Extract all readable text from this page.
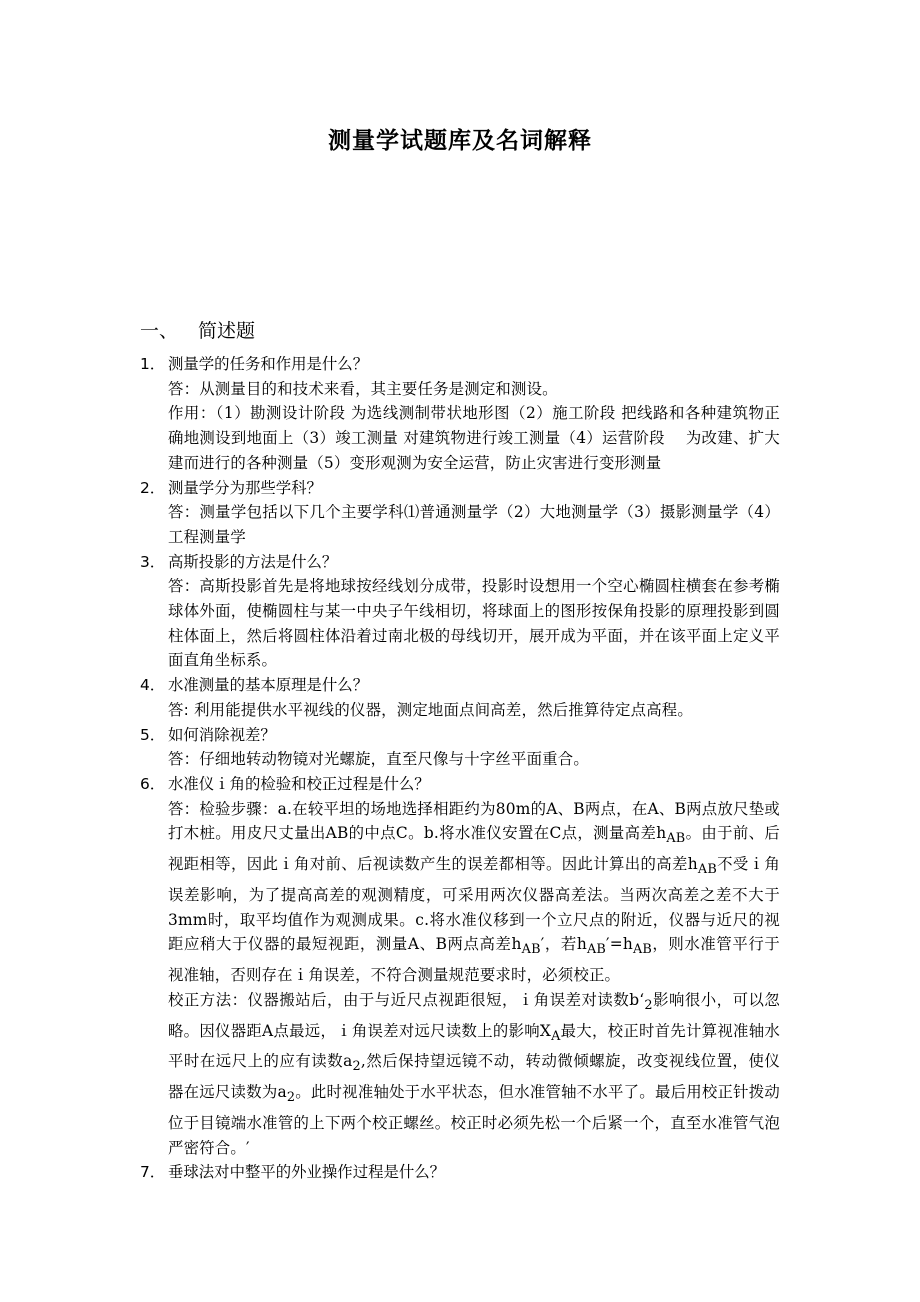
测量学试题库及名词解释
一、 简述题
1． 测量学的任务和作用是什么？
答：从测量目的和技术来看，其主要任务是测定和测设。
作用：（1）勘测设计阶段 为选线测制带状地形图（2）施工阶段 把线路和各种建筑物正确地测设到地面上（3）竣工测量 对建筑物进行竣工测量（4）运营阶段　 为改建、扩大建而进行的各种测量（5）变形观测为安全运营，防止灾害进行变形测量
2． 测量学分为那些学科？
答：测量学包括以下几个主要学科⑴普通测量学（2）大地测量学（3）摄影测量学（4）工程测量学
3． 高斯投影的方法是什么？
答：高斯投影首先是将地球按经线划分成带，投影时设想用一个空心椭圆柱横套在参考椭球体外面，使椭圆柱与某一中央子午线相切，将球面上的图形按保角投影的原理投影到圆柱体面上，然后将圆柱体沿着过南北极的母线切开，展开成为平面，并在该平面上定义平面直角坐标系。
4． 水准测量的基本原理是什么？
答: 利用能提供水平视线的仪器，测定地面点间高差，然后推算待定点高程。
5． 如何消除视差？
答：仔细地转动物镜对光螺旋，直至尺像与十字丝平面重合。
6． 水准仪ｉ角的检验和校正过程是什么？
答：检验步骤：a.在较平坦的场地选择相距约为80m的A、B两点，在A、B两点放尺垫或打木桩。用皮尺丈量出AB的中点C。b.将水准仪安置在C点，测量高差$h_{AB}$。由于前、后视距相等，因此ｉ角对前、后视读数产生的误差都相等。因此计算出的高差$h_{AB}$不受ｉ角误差影响，为了提高高差的观测精度，可采用两次仪器高差法。当两次高差之差不大于3mm时，取平均值作为观测成果。c.将水准仪移到一个立尺点的附近，仪器与近尺的视距应稍大于仪器的最短视距，测量A、B两点高差$h_{AB}'$，若$h_{AB}'=h_{AB}$，则水准管平行于视准轴，否则存在ｉ角误差，不符合测量规范要求时，必须校正。
校正方法：仪器搬站后，由于与近尺点视距很短，ｉ角误差对读数$b‘_2$影响很小，可以忽略。因仪器距A点最远，ｉ角误差对远尺读数上的影响$X_A$最大，校正时首先计算视准轴水平时在远尺上的应有读数$a_2$,然后保持望远镜不动，转动微倾螺旋，改变视线位置，使仪器在远尺读数为$a_2$。此时视准轴处于水平状态，但水准管轴不水平了。最后用校正针拨动位于目镜端水准管的上下两个校正螺丝。校正时必须先松一个后紧一个，直至水准管气泡严密符合。′
7． 垂球法对中整平的外业操作过程是什么？
